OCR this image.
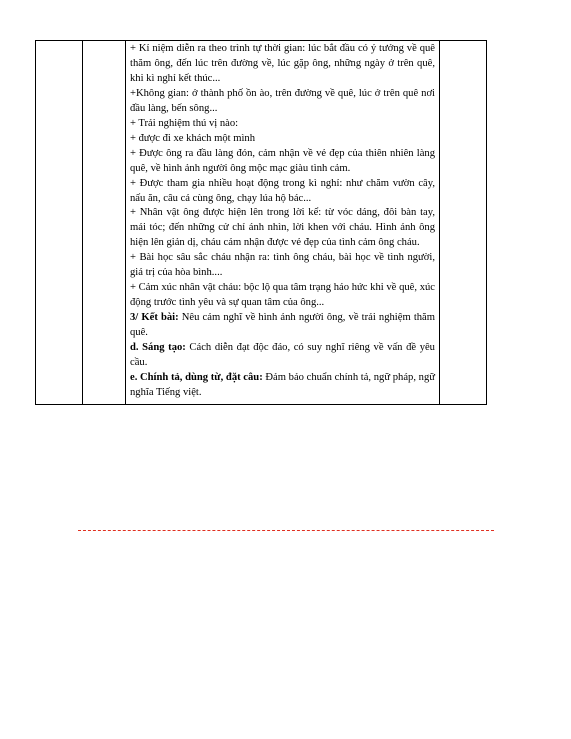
+ Kỉ niệm diễn ra theo trình tự thời gian: lúc bắt đầu có ý tưởng về quê thăm ông, đến lúc trên đường về, lúc gặp ông, những ngày ở trên quê, khi kì nghỉ kết thúc...

+Không gian: ở thành phố ồn ào, trên đường về quê, lúc ở trên quê nơi đầu làng, bến sông...

+ Trải nghiệm thú vị nào:

+ được đi xe khách một mình

+ Được ông ra đầu làng đón, cảm nhận về vẻ đẹp của thiên nhiên làng quê, về hình ảnh người ông mộc mạc giàu tình cảm.

+ Được tham gia nhiều hoạt động trong kì nghỉ: như chăm vườn cây, nấu ăn, câu cá cùng ông, chạy lúa hộ bác...

+ Nhân vật ông được hiện lên trong lời kể: từ vóc dáng, đôi bàn tay, mái tóc; đến những cử chỉ ánh nhìn, lời khen với cháu. Hình ảnh ông hiện lên giản dị, cháu cảm nhận được vẻ đẹp của tình cảm ông cháu.

+ Bài học sâu sắc cháu nhận ra: tình ông cháu, bài học về tình người, giá trị của hòa bình....

+ Cảm xúc nhân vật cháu: bộc lộ qua tâm trạng háo hức khi về quê, xúc động trước tình yêu và sự quan tâm của ông...

3/ Kết bài: Nêu cảm nghĩ về hình ảnh người ông, về trải nghiệm thăm quê.

d. Sáng tạo: Cách diễn đạt độc đáo, có suy nghĩ riêng về vấn đề yêu cầu.

e. Chính tả, dùng từ, đặt câu: Đảm bảo chuẩn chính tả, ngữ pháp, ngữ nghĩa Tiếng việt.
